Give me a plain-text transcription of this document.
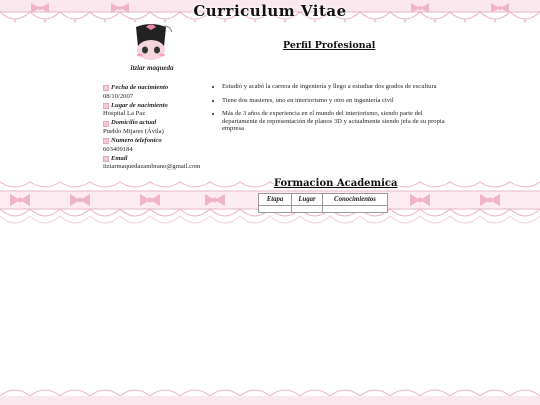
Curriculum Vitae
itziar maqueda
Perfil Profesional
Fecha de nacimiento
08/10/2007
Lugar de nacimiento
Hospital La Paz
Domicilio actual
Pueblo Mijares (Ávila)
Numero telefonico
603409184
Email
itziarmaquedazambrano@gmail.com
• Estudió y acabó la carrera de ingeniería y llego a estudiar dos grados de escultura
• Tiene dos masteres, uno en interiorismo y otro en ingeniería civil
• Más de 3 años de experiencia en el mundo del interiorismo, siendo parte del departamente de representación de planos 3D y actualmente siendo jefa de su propia empresa
Formacion Academica
Etapa	Lugar	Conocimientos
